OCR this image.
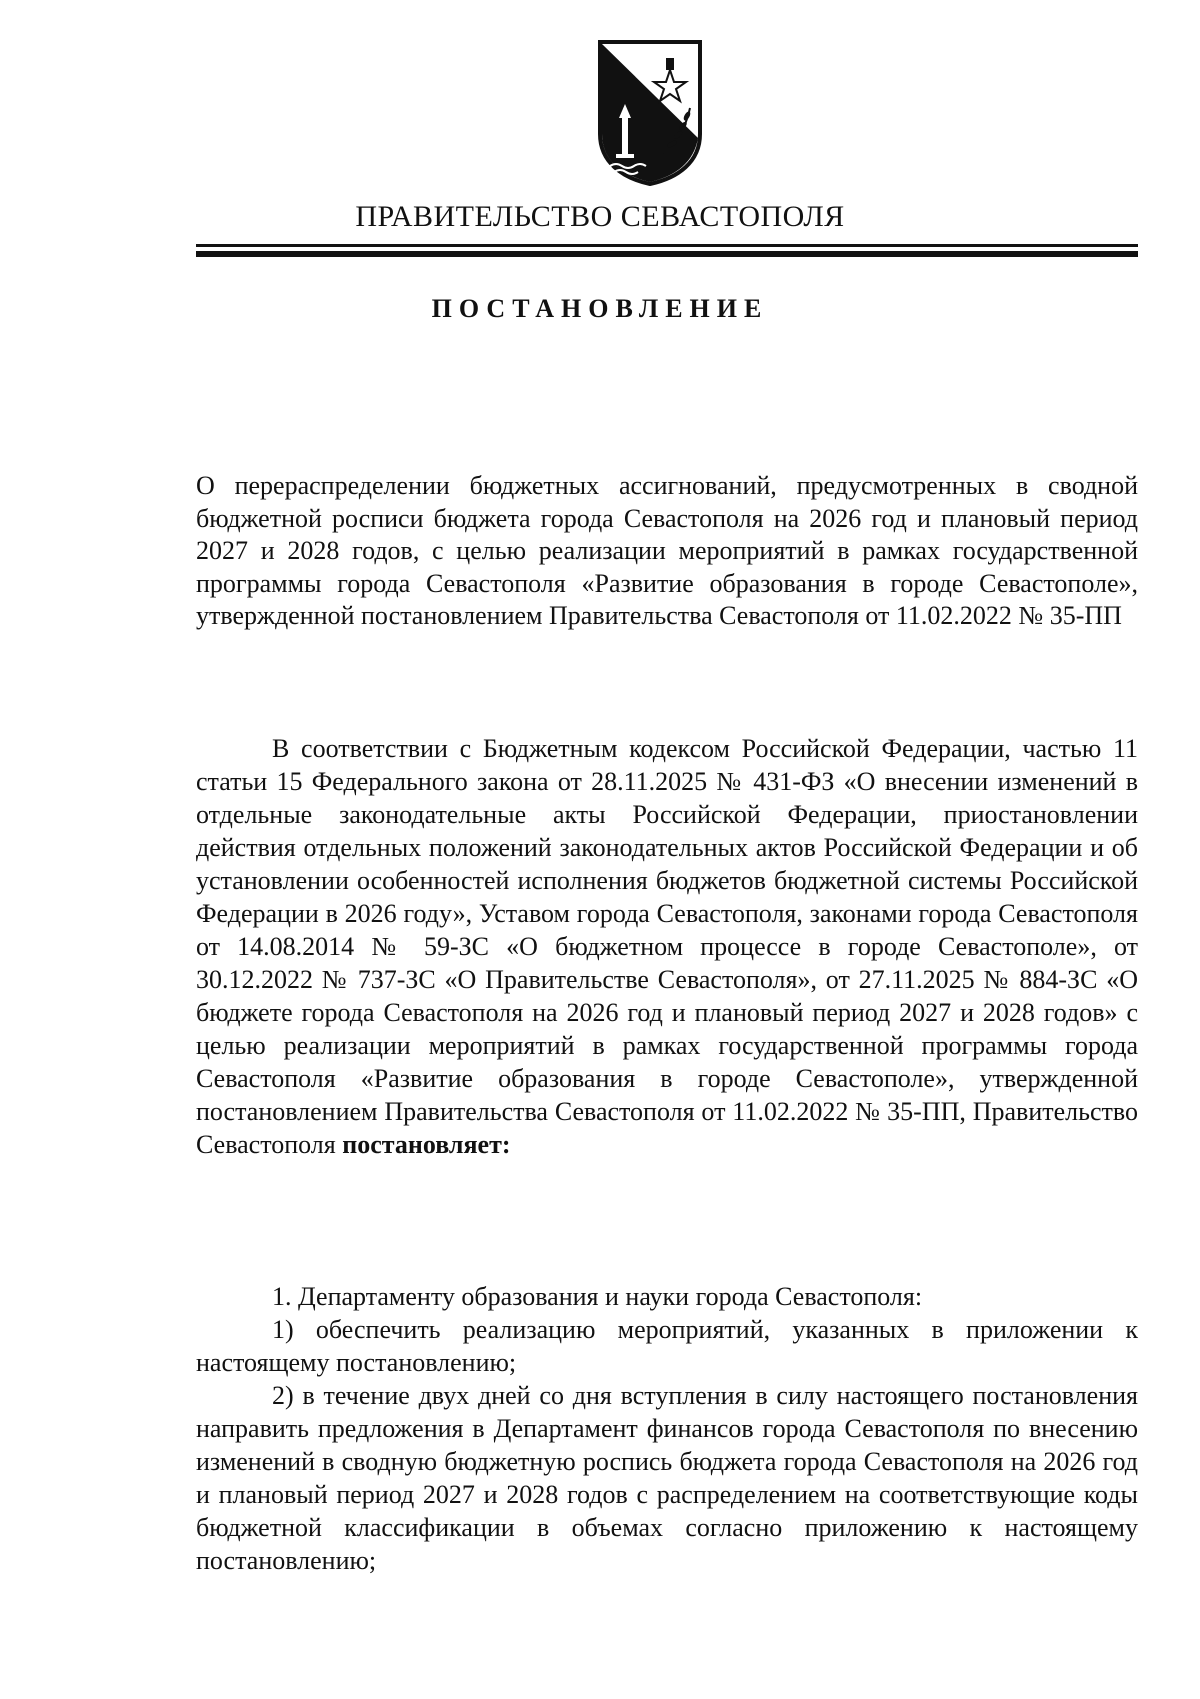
ПРАВИТЕЛЬСТВО СЕВАСТОПОЛЯ
ПОСТАНОВЛЕНИЕ
О перераспределении бюджетных ассигнований, предусмотренных в сводной бюджетной росписи бюджета города Севастополя на 2026 год и плановый период 2027 и 2028 годов, с целью реализации мероприятий в рамках государственной программы города Севастополя «Развитие образования в городе Севастополе», утвержденной постановлением Правительства Севастополя от 11.02.2022 № 35-ПП
В соответствии с Бюджетным кодексом Российской Федерации, частью 11 статьи 15 Федерального закона от 28.11.2025 № 431-ФЗ «О внесении изменений в отдельные законодательные акты Российской Федерации, приостановлении действия отдельных положений законодательных актов Российской Федерации и об установлении особенностей исполнения бюджетов бюджетной системы Российской Федерации в 2026 году», Уставом города Севастополя, законами города Севастополя от 14.08.2014 № 59-ЗС «О бюджетном процессе в городе Севастополе», от 30.12.2022 № 737-ЗС «О Правительстве Севастополя», от 27.11.2025 № 884-ЗС «О бюджете города Севастополя на 2026 год и плановый период 2027 и 2028 годов» с целью реализации мероприятий в рамках государственной программы города Севастополя «Развитие образования в городе Севастополе», утвержденной постановлением Правительства Севастополя от 11.02.2022 № 35-ПП, Правительство Севастополя постановляет:

1. Департаменту образования и науки города Севастополя:

1) обеспечить реализацию мероприятий, указанных в приложении к настоящему постановлению;

2) в течение двух дней со дня вступления в силу настоящего постановления направить предложения в Департамент финансов города Севастополя по внесению изменений в сводную бюджетную роспись бюджета города Севастополя на 2026 год и плановый период 2027 и 2028 годов с распределением на соответствующие коды бюджетной классификации в объемах согласно приложению к настоящему постановлению;
